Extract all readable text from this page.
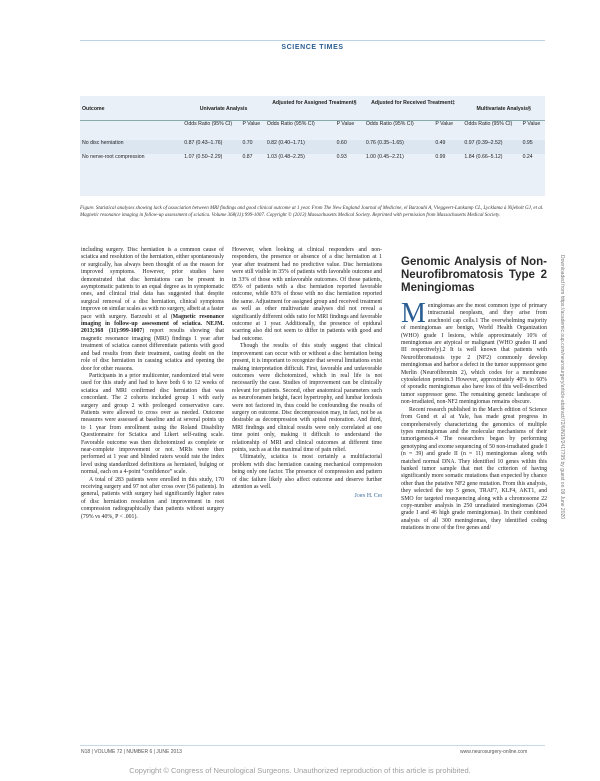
SCIENCE TIMES
Outcome	Univariate Analysis		Adjusted for Assigned Treatment§		Adjusted for Received Treatment‡		Multivariate Analysis§	
	Odds Ratio (95% CI)	P Value	Odds Ratio (95% CI)	P Value	Odds Ratio (95% CI)	P Value	Odds Ratio (95% CI)	P Value
No disc herniation	0.87 (0.43–1.76)	0.70	0.82 (0.40–1.71)	0.60	0.76 (0.35–1.65)	0.49	0.97 (0.39–2.52)	0.95
No nerve-root compression	1.07 (0.50–2.29)	0.87	1.03 (0.48–2.25)	0.93	1.00 (0.45–2.21)	0.99	1.84 (0.66–5.12)	0.24
Figure. Statistical analyses showing lack of association between MRI findings and good clinical outcome at 1 year. From The New England Journal of Medicine, el Barzouhi A, Vleggeert-Lankamp CL, Lycklama à Nijeholt GJ, et al. Magnetic resonance imaging in follow-up assessment of sciatica. Volume 368(11):999-1007. Copyright © (2013) Massachusetts Medical Society. Reprinted with permission from Massachusetts Medical Society.

including surgery. Disc herniation is a common cause of sciatica and resolution of the herniation, either spontaneously or surgically, has always been thought of as the reason for improved symptoms. However, prior studies have demonstrated that disc herniations can be present in asymptomatic patients to an equal degree as in symptomatic ones, and clinical trial data has suggested that despite surgical removal of a disc herniation, clinical symptoms improve on similar scales as with no surgery, albeit at a faster pace with surgery. Barzouhi et al (Magnetic resonance imaging in follow-up assessment of sciatica. NEJM. 2013;368 (11):999-1007) report results showing that magnetic resonance imaging (MRI) findings 1 year after treatment of sciatica cannot differentiate patients with good and bad results from their treatment, casting doubt on the role of disc herniation in causing sciatica and opening the door for other reasons.

Participants in a prior multicenter, randomized trial were used for this study and had to have both 6 to 12 weeks of sciatica and MRI confirmed disc herniation that was concordant. The 2 cohorts included group 1 with early surgery and group 2 with prolonged conservative care. Patients were allowed to cross over as needed. Outcome measures were assessed at baseline and at several points up to 1 year from enrollment using the Roland Disability Questionnaire for Sciatica and Likert self-rating scale. Favorable outcome was then dichotomized as complete or near-complete improvement or not. MRIs were then performed at 1 year and blinded raters would rate the index level using standardized definitions as herniated, bulging or normal, each on a 4-point “confidence” scale.

A total of 283 patients were enrolled in this study, 170 receiving surgery and 97 not after cross over (56 patients). In general, patients with surgery had significantly higher rates of disc herniation resolution and improvement in root compression radiographically than patients without surgery (79% vs 40%, P < .001).

However, when looking at clinical responders and non-responders, the presence or absence of a disc herniation at 1 year after treatment had no predictive value. Disc herniations were still visible in 35% of patients with favorable outcome and in 33% of those with unfavorable outcomes. Of those patients, 85% of patients with a disc herniation reported favorable outcome, while 83% of those with no disc herniation reported the same. Adjustment for assigned group and received treatment as well as other multivariate analyses did not reveal a significantly different odds ratio for MRI findings and favorable outcome at 1 year. Additionally, the presence of epidural scarring also did not seem to differ in patients with good and bad outcome.

Though the results of this study suggest that clinical improvement can occur with or without a disc herniation being present, it is important to recognize that several limitations exist making interpretation difficult. First, favorable and unfavorable outcomes were dichotomized, which in real life is not necessarily the case. Studies of improvement can be clinically relevant for patients. Second, other anatomical parameters such as neuroforamen height, facet hypertrophy, and lumbar lordosis were not factored in, thus could be confounding the results of surgery on outcome. Disc decompression may, in fact, not be as desirable as decompression with spinal restoration. And third, MRI findings and clinical results were only correlated at one time point only, making it difficult to understand the relationship of MRI and clinical outcomes at different time points, such as at the maximal time of pain relief.

Ultimately, sciatica is most certainly a multifactorial problem with disc herniation causing mechanical compression being only one factor. The presence of compression and pattern of disc failure likely also affect outcome and deserve further attention as well.

John H. Chi
Genomic Analysis of Non-Neurofibromatosis Type 2 Meningiomas

Meningiomas are the most common type of primary intracranial neoplasm, and they arise from arachnoid cap cells.1 The overwhelming majority of meningiomas are benign, World Health Organization (WHO) grade I lesions, while approximately 10% of meningiomas are atypical or malignant (WHO grades II and III respectively).2 It is well known that patients with Neurofibromatosis type 2 (NF2) commonly develop meningiomas and harbor a defect in the tumor suppressor gene Merlin (Neurofibromin 2), which codes for a membrane cytoskeleton protein.3 However, approximately 40% to 60% of sporadic meningiomas also have loss of this well-described tumor suppressor gene. The remaining genetic landscape of non-irradiated, non-NF2 meningiomas remains obscure.

Recent research published in the March edition of Science from Gund et al at Yale, has made great progress in comprehensively characterizing the genomics of multiple types meningiomas and the molecular mechanisms of their tumorigenesis.4 The researchers began by performing genotyping and exome sequencing of 50 non-irradiated grade I (n = 39) and grade II (n = 11) meningiomas along with matched normal DNA. They identified 10 genes within this banked tumor sample that met the criterion of having significantly more somatic mutations than expected by chance other than the putative NF2 gene mutation. From this analysis, they selected the top 5 genes, TRAF7, KLF4, AKT1, and SMO for targeted resequencing along with a chromosome 22 copy-number analysis in 250 unradiated meningiomas (204 grade I and 46 high grade meningiomas). In their combined analysis of all 300 meningiomas, they identified coding mutations in one of the five genes and/

Downloaded from https://academic.oup.com/neurosurgery/article-abstract/72/6/N18/2417795 by guest on 09 June 2020
N18 | VOLUME 72 | NUMBER 6 | JUNE 2013	www.neurosurgery-online.com
Copyright © Congress of Neurological Surgeons. Unauthorized reproduction of this article is prohibited.
